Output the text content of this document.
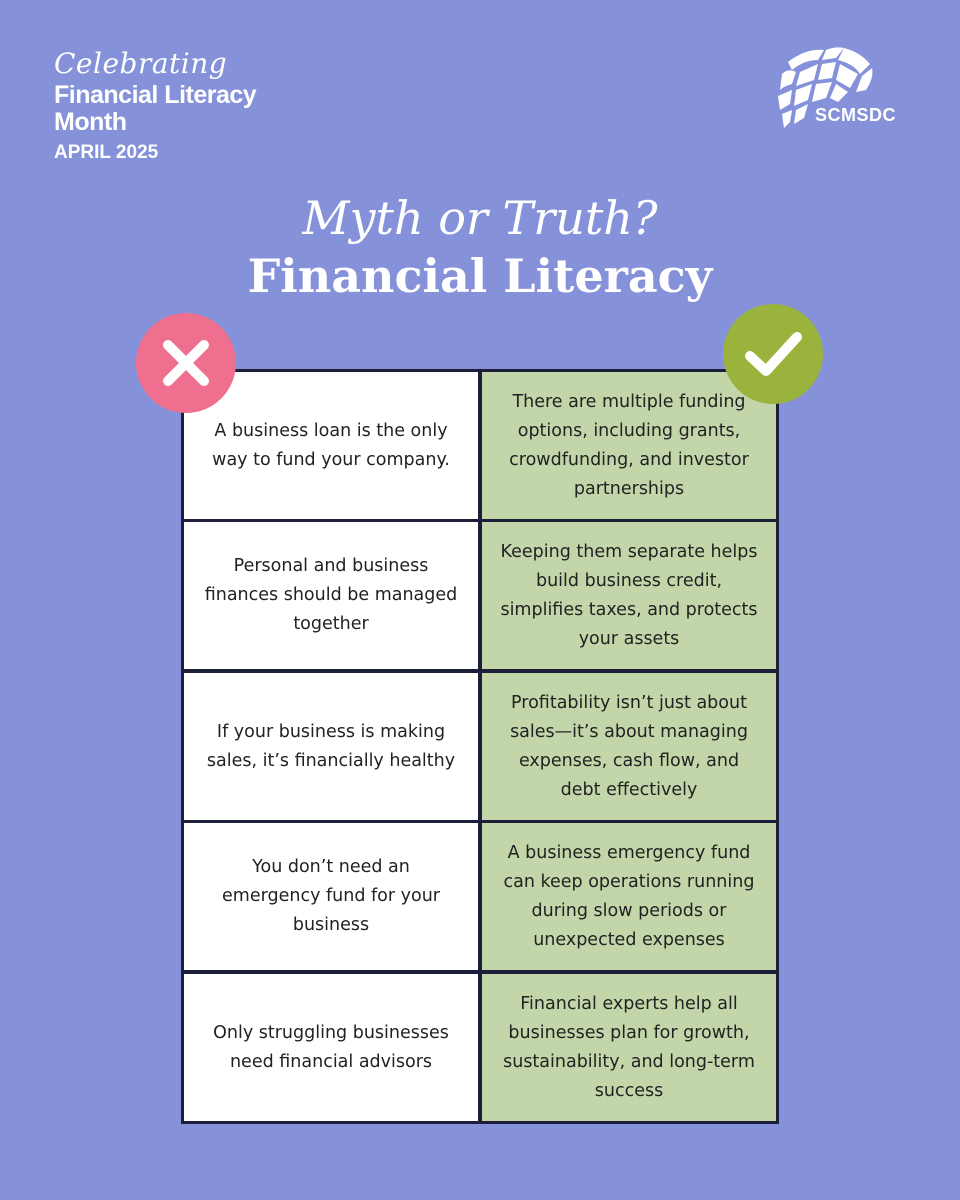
Celebrating
Financial Literacy
Month
APRIL 2025
SCMSDC
Myth or Truth?
Financial Literacy
A business loan is the only way to fund your company.
There are multiple funding options, including grants, crowdfunding, and investor partnerships
Personal and business finances should be managed together
Keeping them separate helps build business credit, simplifies taxes, and protects your assets
If your business is making sales, it’s financially healthy
Profitability isn’t just about sales—it’s about managing expenses, cash flow, and debt effectively
You don’t need an emergency fund for your business
A business emergency fund can keep operations running during slow periods or unexpected expenses
Only struggling businesses need financial advisors
Financial experts help all businesses plan for growth, sustainability, and long-term success
